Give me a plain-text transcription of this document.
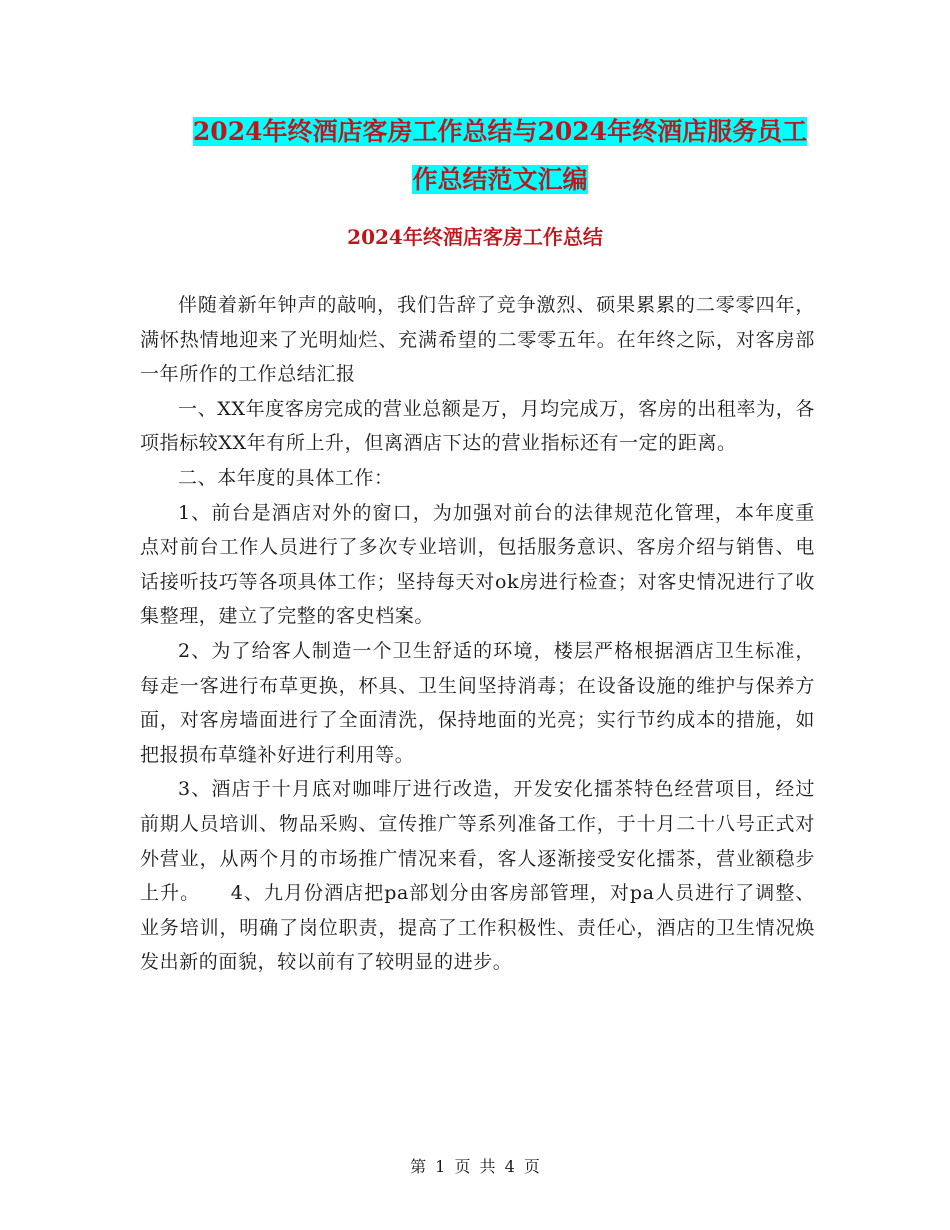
2024年终酒店客房工作总结与2024年终酒店服务员工
作总结范文汇编
2024年终酒店客房工作总结

伴随着新年钟声的敲响，我们告辞了竞争激烈、硕果累累的二零零四年，满怀热情地迎来了光明灿烂、充满希望的二零零五年。在年终之际，对客房部一年所作的工作总结汇报

一、XX年度客房完成的营业总额是万，月均完成万，客房的出租率为，各项指标较XX年有所上升，但离酒店下达的营业指标还有一定的距离。

二、本年度的具体工作：

1、前台是酒店对外的窗口，为加强对前台的法律规范化管理，本年度重点对前台工作人员进行了多次专业培训，包括服务意识、客房介绍与销售、电话接听技巧等各项具体工作；坚持每天对ok房进行检查；对客史情况进行了收集整理，建立了完整的客史档案。

2、为了给客人制造一个卫生舒适的环境，楼层严格根据酒店卫生标准，每走一客进行布草更换，杯具、卫生间坚持消毒；在设备设施的维护与保养方面，对客房墙面进行了全面清洗，保持地面的光亮；实行节约成本的措施，如把报损布草缝补好进行利用等。

3、酒店于十月底对咖啡厅进行改造，开发安化擂茶特色经营项目，经过前期人员培训、物品采购、宣传推广等系列准备工作，于十月二十八号正式对外营业，从两个月的市场推广情况来看，客人逐渐接受安化擂茶，营业额稳步上升。　　4、九月份酒店把pa部划分由客房部管理，对pa人员进行了调整、业务培训，明确了岗位职责，提高了工作积极性、责任心，酒店的卫生情况焕发出新的面貌，较以前有了较明显的进步。

第 1 页 共 4 页
